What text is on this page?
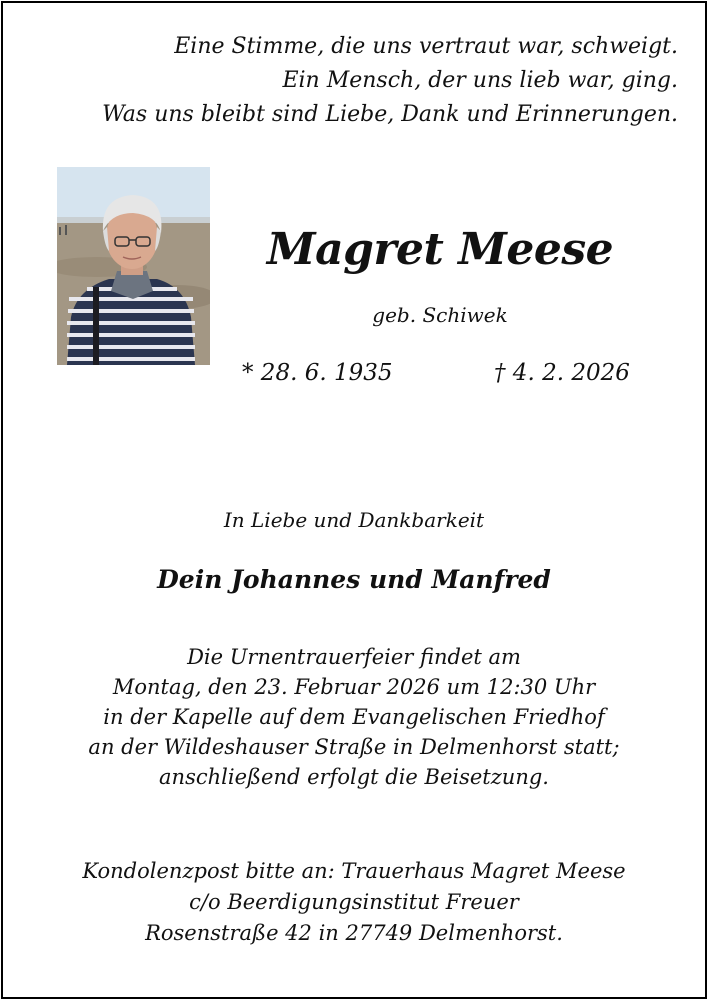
Eine Stimme, die uns vertraut war, schweigt.
Ein Mensch, der uns lieb war, ging.
Was uns bleibt sind Liebe, Dank und Erinnerungen.
Magret Meese
geb. Schiwek
* 28. 6. 1935	† 4. 2. 2026
In Liebe und Dankbarkeit
Dein Johannes und Manfred
Die Urnentrauerfeier findet am
Montag, den 23. Februar 2026 um 12:30 Uhr
in der Kapelle auf dem Evangelischen Friedhof
an der Wildeshauser Straße in Delmenhorst statt;
anschließend erfolgt die Beisetzung.
Kondolenzpost bitte an: Trauerhaus Magret Meese
c/o Beerdigungsinstitut Freuer
Rosenstraße 42 in 27749 Delmenhorst.
